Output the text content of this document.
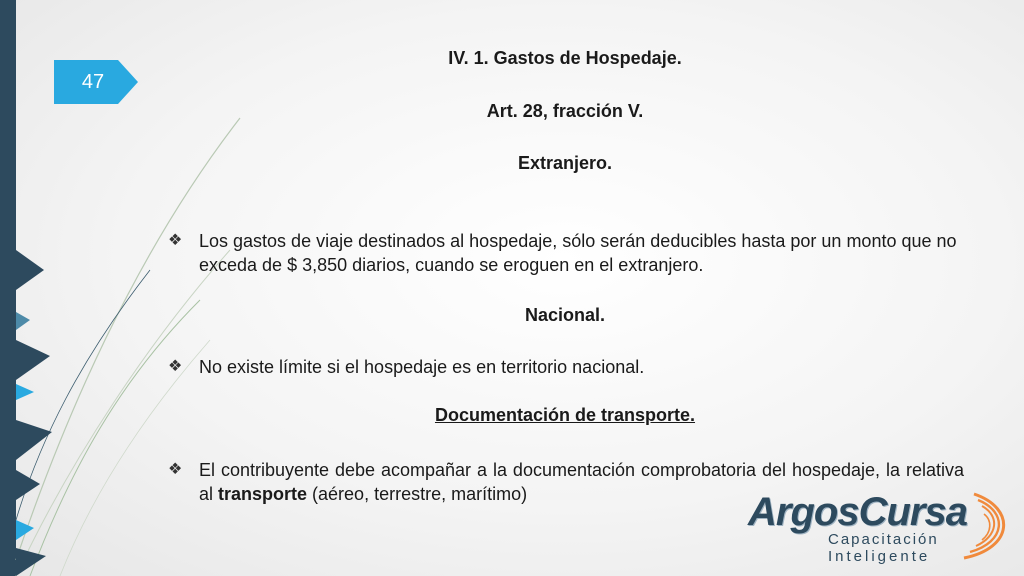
47
IV. 1. Gastos de Hospedaje.
Art. 28, fracción V.
Extranjero.
❖ Los gastos de viaje destinados al hospedaje, sólo serán deducibles hasta por un monto que no exceda de $ 3,850 diarios, cuando se eroguen en el extranjero.
Nacional.
❖ No existe límite si el hospedaje es en territorio nacional.
Documentación de transporte.
❖ El contribuyente debe acompañar a la documentación comprobatoria del hospedaje, la relativa al transporte (aéreo, terrestre, marítimo)	ArgosCursa
Capacitación
Inteligente
